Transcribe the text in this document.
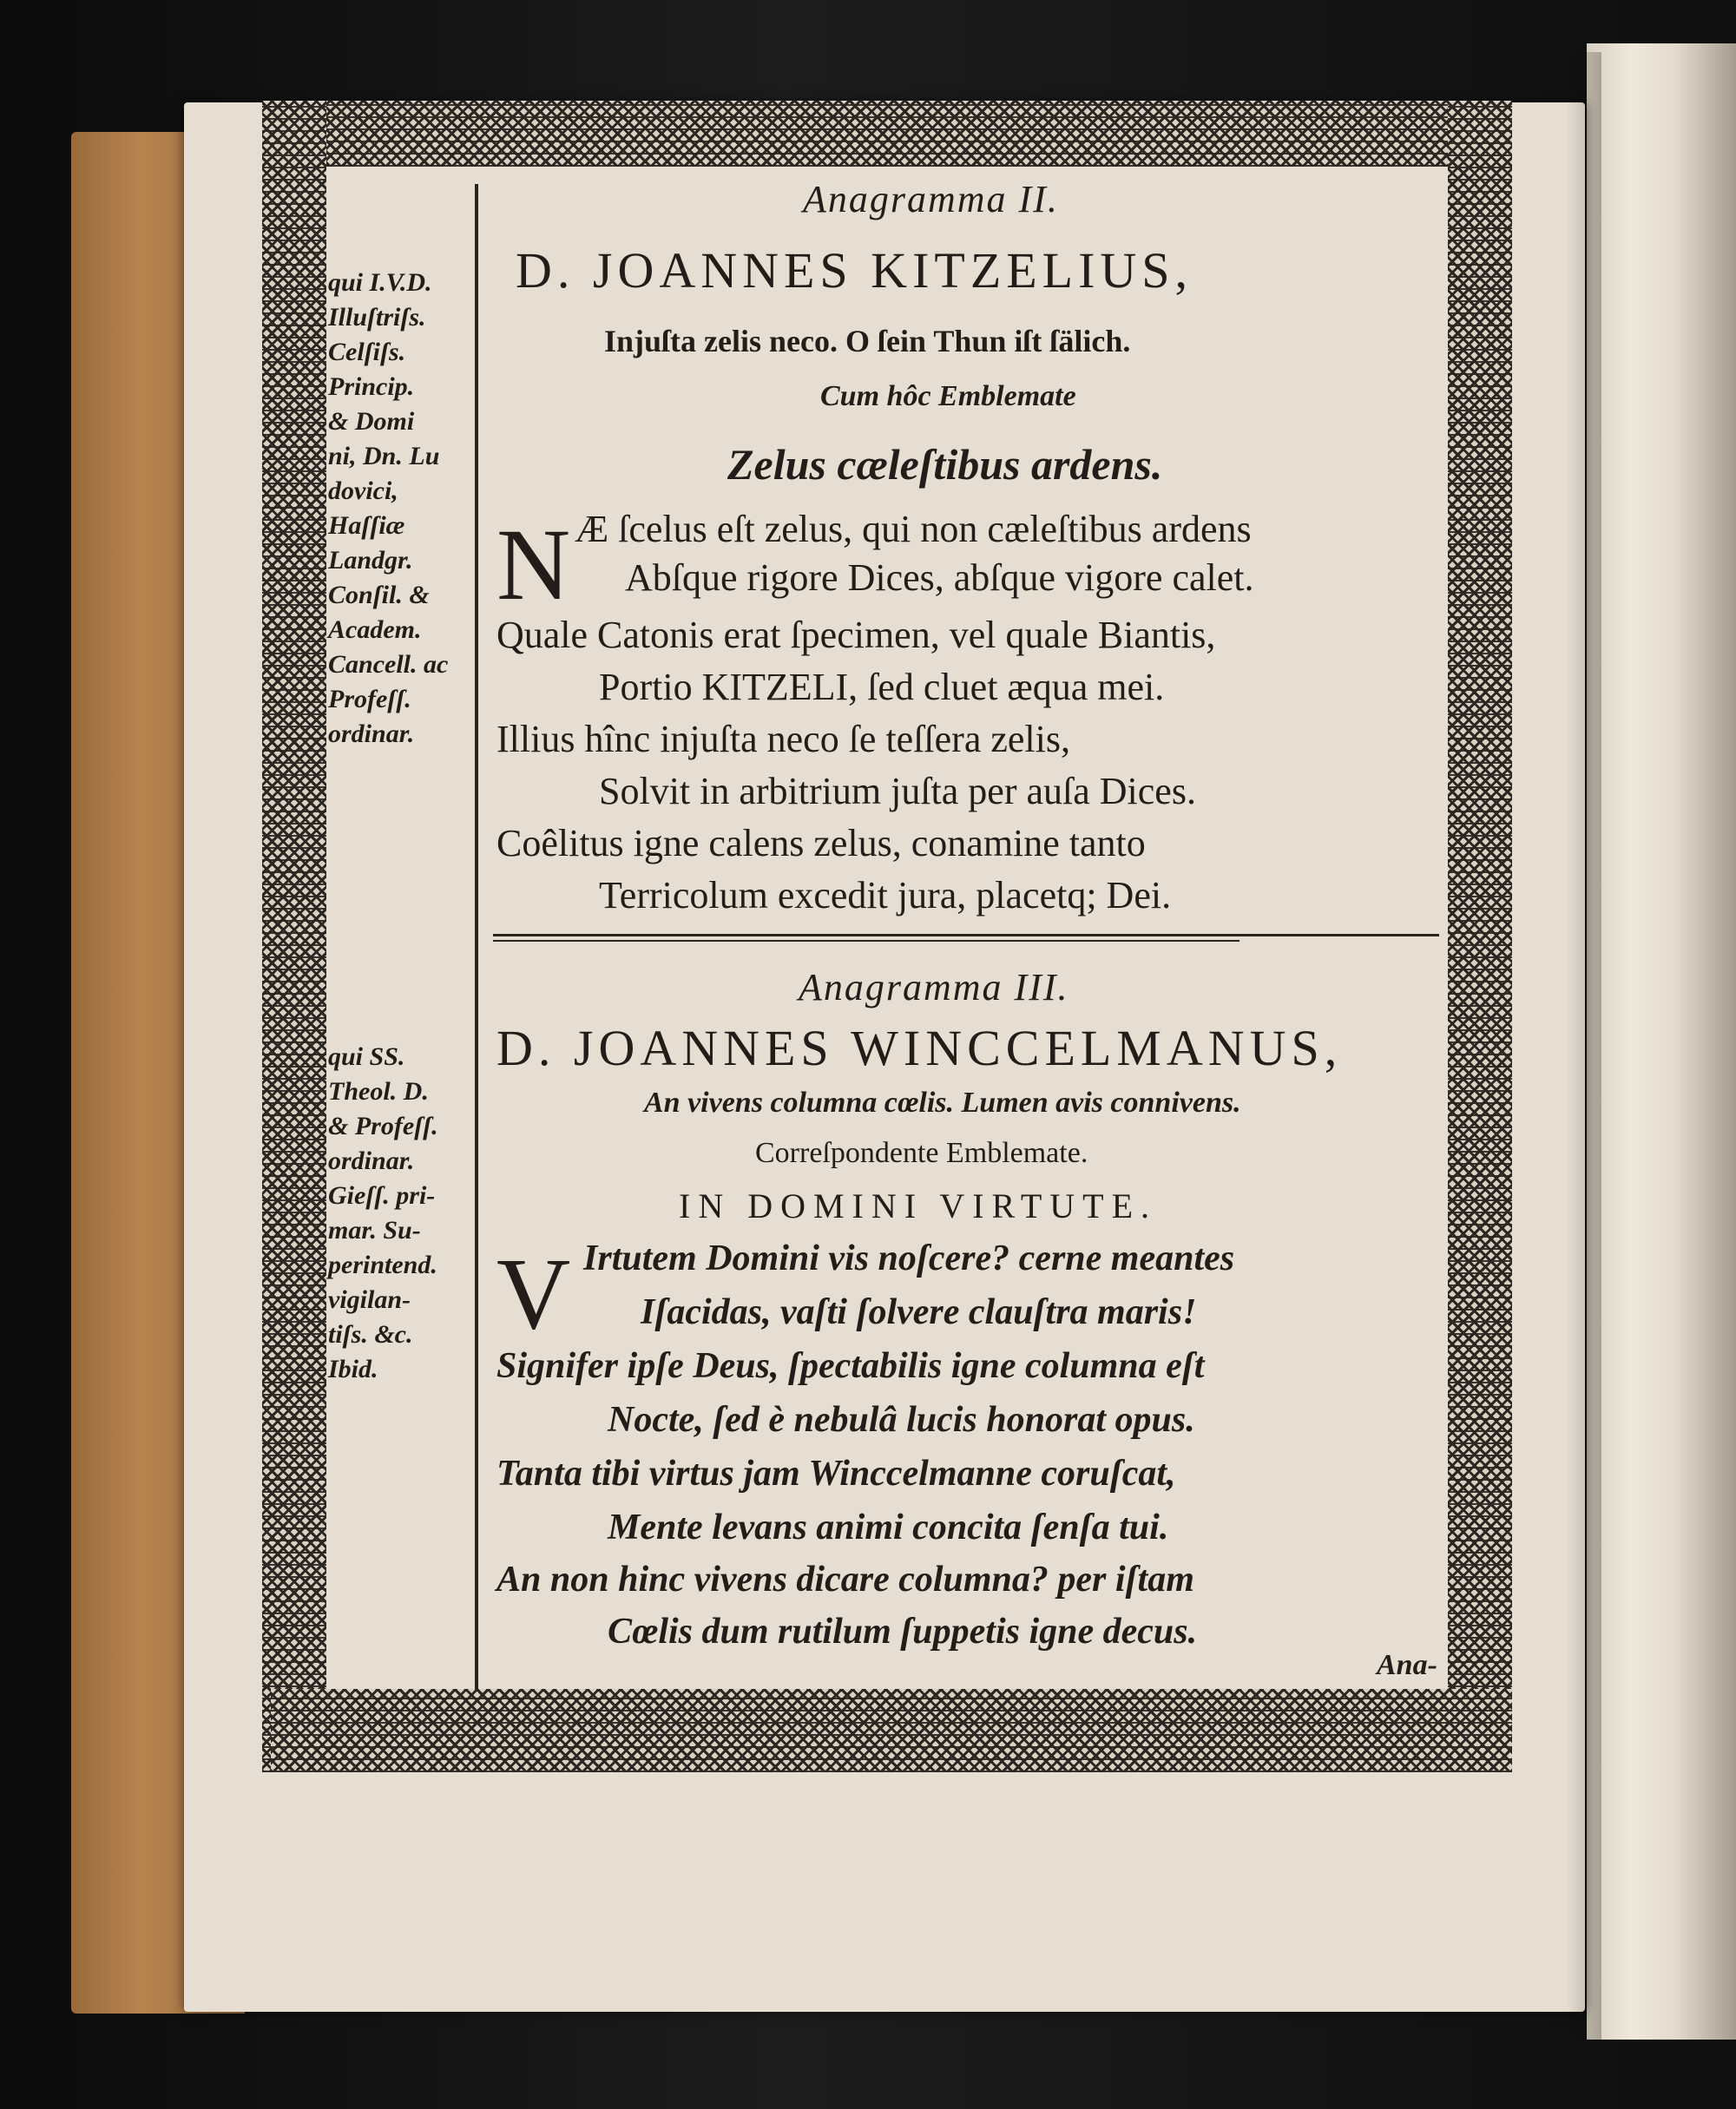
qui I.V.D.
Illuſtriſs.
Celſiſs.
Princip.
& Domi
ni, Dn. Lu
dovici,
Haſſiæ
Landgr.
Conſil. &
Academ.
Cancell. ac
Profeſſ.
ordinar.
qui SS.
Theol. D.
& Profeſſ.
ordinar.
Gieſſ. pri-
mar. Su-
perintend.
vigilan-
tiſs. &c.
Ibid.
Anagramma II.
D. JOANNES KITZELIUS,
Injuſta zelis neco. O ſein Thun iſt ſälich.
Cum hôc Emblemate
Zelus cæleſtibus ardens.
N Æ ſcelus eſt zelus, qui non cæleſtibus ardens
Abſque rigore Dices, abſque vigore calet.
Quale Catonis erat ſpecimen, vel quale Biantis,
Portio KITZELI, ſed cluet æqua mei.
Illius hînc injuſta neco ſe teſſera zelis,
Solvit in arbitrium juſta per auſa Dices.
Coêlitus igne calens zelus, conamine tanto
Terricolum excedit jura, placetq; Dei.
Anagramma III.
D. JOANNES WINCCELMANUS,
An vivens columna cœlis. Lumen avis connivens.
Correſpondente Emblemate.
IN DOMINI VIRTUTE.
V Irtutem Domini vis noſcere? cerne meantes
Iſacidas, vaſti ſolvere clauſtra maris!
Signifer ipſe Deus, ſpectabilis igne columna eſt
Nocte, ſed è nebulâ lucis honorat opus.
Tanta tibi virtus jam Winccelmanne coruſcat,
Mente levans animi concita ſenſa tui.
An non hinc vivens dicare columna? per iſtam
Cœlis dum rutilum ſuppetis igne decus.
Ana-
